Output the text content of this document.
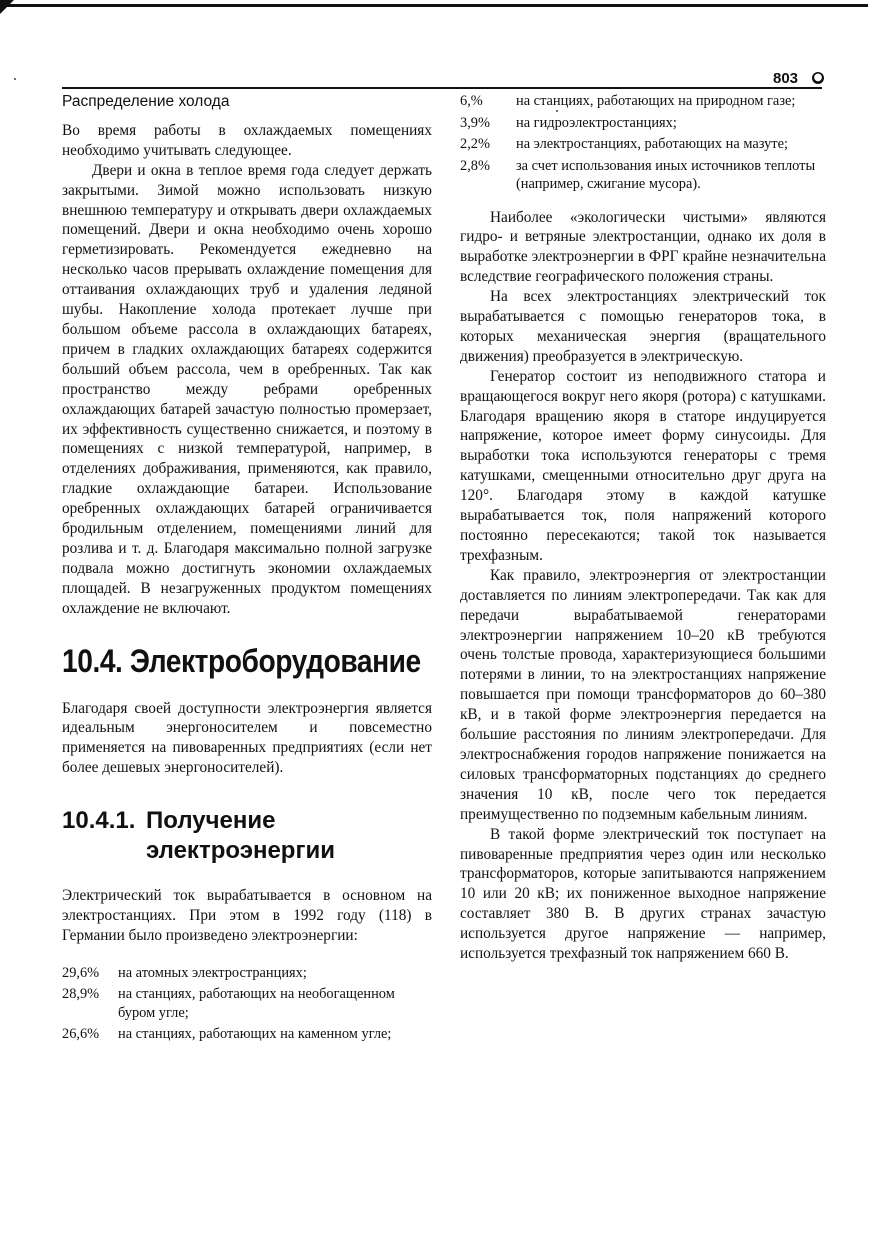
803 ●
Распределение холода

Во время работы в охлаждаемых помещениях необходимо учитывать следующее.

Двери и окна в теплое время года следует держать закрытыми. Зимой можно использовать низкую внешнюю температуру и открывать двери охлаждаемых помещений. Двери и окна необходимо очень хорошо герметизировать. Рекомендуется ежедневно на несколько часов прерывать охлаждение помещения для оттаивания охлаждающих труб и удаления ледяной шубы. Накопление холода протекает лучше при большом объеме рассола в охлаждающих батареях, причем в гладких охлаждающих батареях содержится больший объем рассола, чем в оребренных. Так как пространство между ребрами оребренных охлаждающих батарей зачастую полностью промерзает, их эффективность существенно снижается, и поэтому в помещениях с низкой температурой, например, в отделениях дображивания, применяются, как правило, гладкие охлаждающие батареи. Использование оребренных охлаждающих батарей ограничивается бродильным отделением, помещениями линий для розлива и т. д. Благодаря максимально полной загрузке подвала можно достигнуть экономии охлаждаемых площадей. В незагруженных продуктом помещениях охлаждение не включают.

10.4. Электроборудование

Благодаря своей доступности электроэнергия является идеальным энергоносителем и повсеместно применяется на пивоваренных предприятиях (если нет более дешевых энергоносителей).

10.4.1. Получение
электроэнергии

Электрический ток вырабатывается в основном на электростанциях. При этом в 1992 году (118) в Германии было произведено электроэнергии:

29,6%	на атомных электространциях;
28,9%	на станциях, работающих на необогащенном буром угле;
26,6%	на станциях, работающих на каменном угле;
6,%	на станциях, работающих на природном газе;
3,9%	на гидроэлектростанциях;
2,2%	на электростанциях, работающих на мазуте;
2,8%	за счет использования иных источников теплоты (например, сжигание мусора).

Наиболее «экологически чистыми» являются гидро- и ветряные электростанции, однако их доля в выработке электроэнергии в ФРГ крайне незначительна вследствие географического положения страны.

На всех электростанциях электрический ток вырабатывается с помощью генераторов тока, в которых механическая энергия (вращательного движения) преобразуется в электрическую.

Генератор состоит из неподвижного статора и вращающегося вокруг него якоря (ротора) с катушками. Благодаря вращению якоря в статоре индуцируется напряжение, которое имеет форму синусоиды. Для выработки тока используются генераторы с тремя катушками, смещенными относительно друг друга на 120°. Благодаря этому в каждой катушке вырабатывается ток, поля напряжений которого постоянно пересекаются; такой ток называется трехфазным.

Как правило, электроэнергия от электростанции доставляется по линиям электропередачи. Так как для передачи вырабатываемой генераторами электроэнергии напряжением 10–20 кВ требуются очень толстые провода, характеризующиеся большими потерями в линии, то на электростанциях напряжение повышается при помощи трансформаторов до 60–380 кВ, и в такой форме электроэнергия передается на большие расстояния по линиям электропередачи. Для электроснабжения городов напряжение понижается на силовых трансформаторных подстанциях до среднего значения 10 кВ, после чего ток передается преимущественно по подземным кабельным линиям.

В такой форме электрический ток поступает на пивоваренные предприятия через один или несколько трансформаторов, которые запитываются напряжением 10 или 20 кВ; их пониженное выходное напряжение составляет 380 В. В других странах зачастую используется другое напряжение — например, используется трехфазный ток напряжением 660 В.
